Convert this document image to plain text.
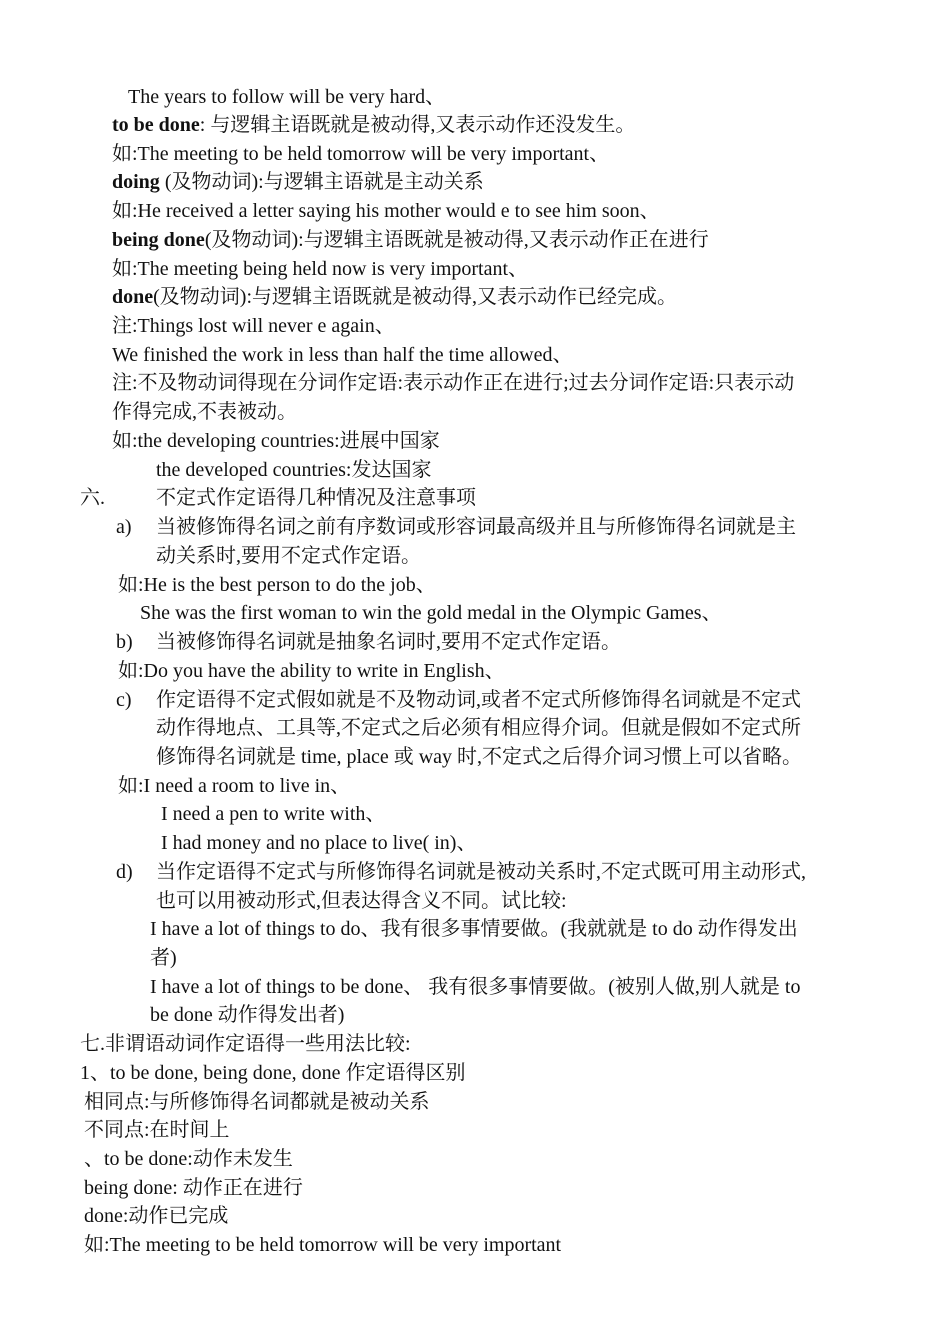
The years to follow will be very hard、
to be done: 与逻辑主语既就是被动得,又表示动作还没发生。
如:The meeting to be held tomorrow will be very important、
doing (及物动词):与逻辑主语就是主动关系
如:He received a letter saying his mother would e to see him soon、
being done(及物动词):与逻辑主语既就是被动得,又表示动作正在进行
如:The meeting being held now is very important、
done(及物动词):与逻辑主语既就是被动得,又表示动作已经完成。
注:Things lost will never e again、
We finished the work in less than half the time allowed、
注:不及物动词得现在分词作定语:表示动作正在进行;过去分词作定语:只表示动
作得完成,不表被动。
如:the developing countries:进展中国家
the developed countries:发达国家
六.	不定式作定语得几种情况及注意事项
a) 当被修饰得名词之前有序数词或形容词最高级并且与所修饰得名词就是主
动关系时,要用不定式作定语。
如:He is the best person to do the job、
She was the first woman to win the gold medal in the Olympic Games、
b) 当被修饰得名词就是抽象名词时,要用不定式作定语。
如:Do you have the ability to write in English、
c) 作定语得不定式假如就是不及物动词,或者不定式所修饰得名词就是不定式
动作得地点、工具等,不定式之后必须有相应得介词。但就是假如不定式所
修饰得名词就是 time, place 或 way 时,不定式之后得介词习惯上可以省略。
如:I need a room to live in、
I need a pen to write with、
I had money and no place to live( in)、
d) 当作定语得不定式与所修饰得名词就是被动关系时,不定式既可用主动形式,
也可以用被动形式,但表达得含义不同。试比较:
I have a lot of things to do、我有很多事情要做。(我就就是 to do 动作得发出
者)
I have a lot of things to be done、 我有很多事情要做。(被别人做,别人就是 to
be done 动作得发出者)
七.非谓语动词作定语得一些用法比较:
1、to be done, being done, done 作定语得区别
相同点:与所修饰得名词都就是被动关系
不同点:在时间上
、to be done:动作未发生
being done: 动作正在进行
done:动作已完成
如:The meeting to be held tomorrow will be very important
